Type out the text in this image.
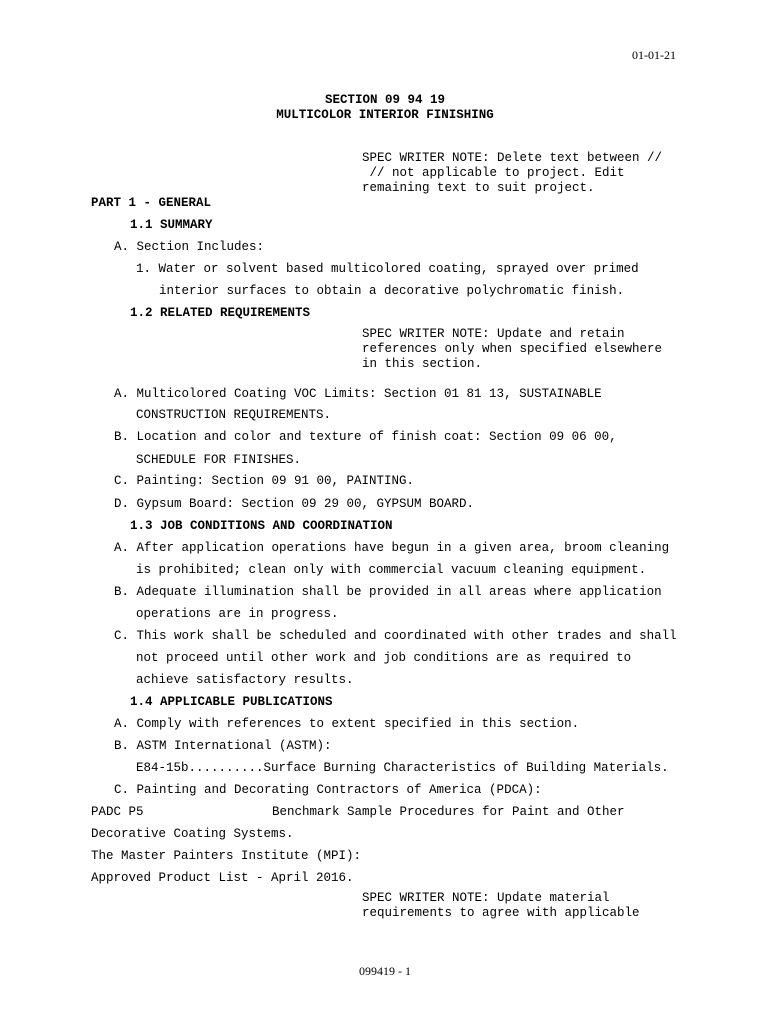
01-01-21
SECTION 09 94 19
MULTICOLOR INTERIOR FINISHING
SPEC WRITER NOTE: Delete text between //
// not applicable to project. Edit
remaining text to suit project.
PART 1 - GENERAL
1.1 SUMMARY
A. Section Includes:
1. Water or solvent based multicolored coating, sprayed over primed
interior surfaces to obtain a decorative polychromatic finish.
1.2 RELATED REQUIREMENTS
SPEC WRITER NOTE: Update and retain
references only when specified elsewhere
in this section.
A. Multicolored Coating VOC Limits: Section 01 81 13, SUSTAINABLE
CONSTRUCTION REQUIREMENTS.
B. Location and color and texture of finish coat: Section 09 06 00,
SCHEDULE FOR FINISHES.
C. Painting: Section 09 91 00, PAINTING.
D. Gypsum Board: Section 09 29 00, GYPSUM BOARD.
1.3 JOB CONDITIONS AND COORDINATION
A. After application operations have begun in a given area, broom cleaning
is prohibited; clean only with commercial vacuum cleaning equipment.
B. Adequate illumination shall be provided in all areas where application
operations are in progress.
C. This work shall be scheduled and coordinated with other trades and shall
not proceed until other work and job conditions are as required to
achieve satisfactory results.
1.4 APPLICABLE PUBLICATIONS
A. Comply with references to extent specified in this section.
B. ASTM International (ASTM):
E84-15b..........Surface Burning Characteristics of Building Materials.
C. Painting and Decorating Contractors of America (PDCA):
PADC P5	Benchmark Sample Procedures for Paint and Other
Decorative Coating Systems.
The Master Painters Institute (MPI):
Approved Product List - April 2016.
SPEC WRITER NOTE: Update material
requirements to agree with applicable
099419 - 1
